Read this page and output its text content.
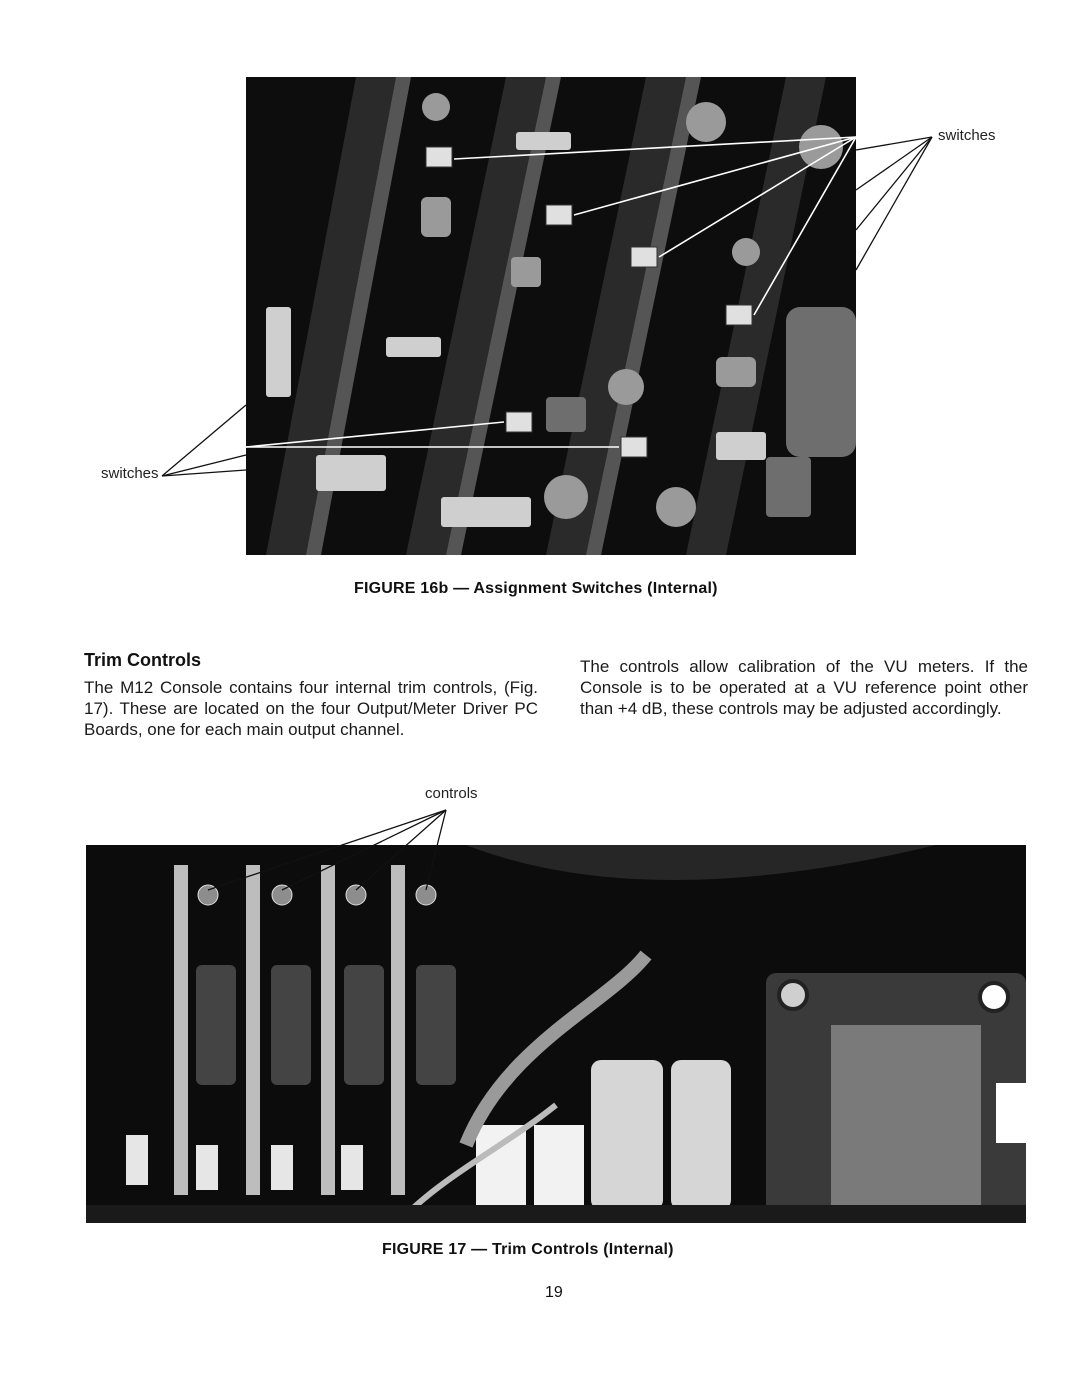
switches
switches
FIGURE 16b — Assignment Switches (Internal)
Trim Controls
The M12 Console contains four internal trim controls, (Fig. 17). These are located on the four Output/Meter Driver PC Boards, one for each main output channel.
The controls allow calibration of the VU meters. If the Console is to be operated at a VU reference point other than +4 dB, these controls may be adjusted accordingly.
controls
FIGURE 17 — Trim Controls (Internal)
19
